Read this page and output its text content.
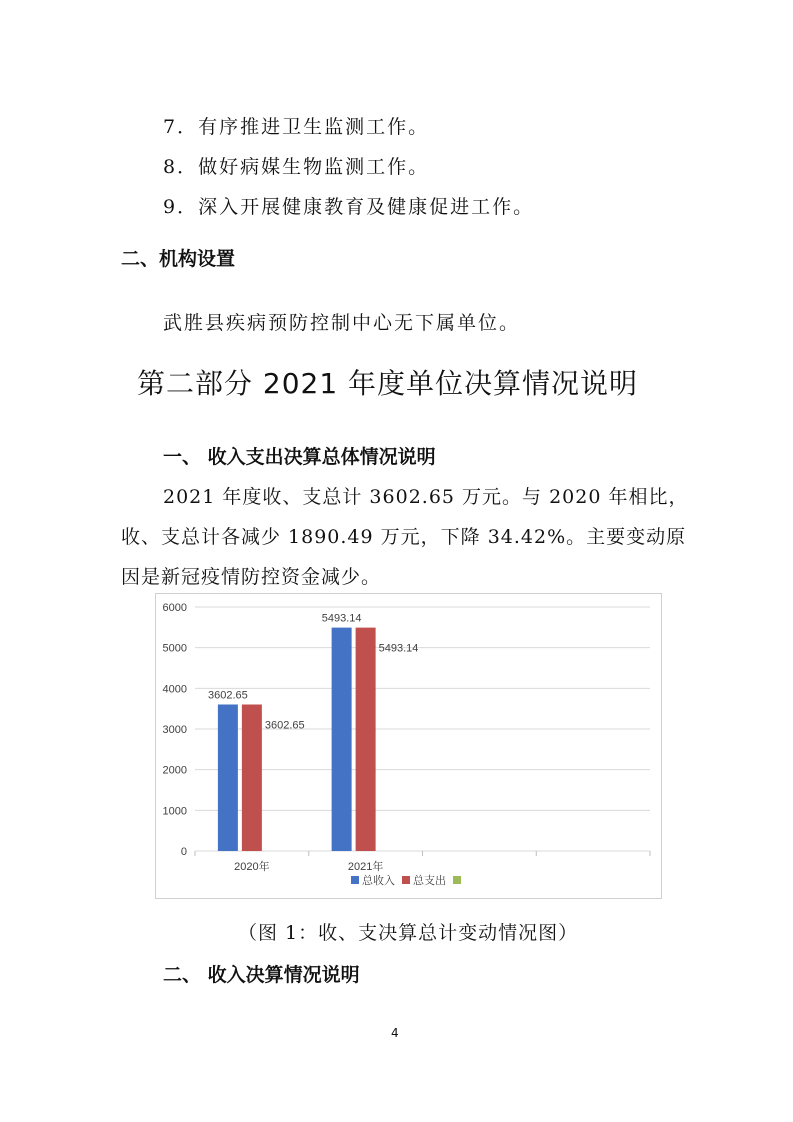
7．有序推进卫生监测工作。
8．做好病媒生物监测工作。
9．深入开展健康教育及健康促进工作。
二、机构设置
武胜县疾病预防控制中心无下属单位。
第二部分 2021 年度单位决算情况说明
一、 收入支出决算总体情况说明
2021 年度收、支总计 3602.65 万元。与 2020 年相比，
收、支总计各减少 1890.49 万元，下降 34.42%。主要变动原
因是新冠疫情防控资金减少。
0
1000
2000
3000
4000
5000
6000
3602.65
3602.65
5493.14
5493.14
2020年	2021年
总收入 总支出
（图 1：收、支决算总计变动情况图）
二、 收入决算情况说明
4
